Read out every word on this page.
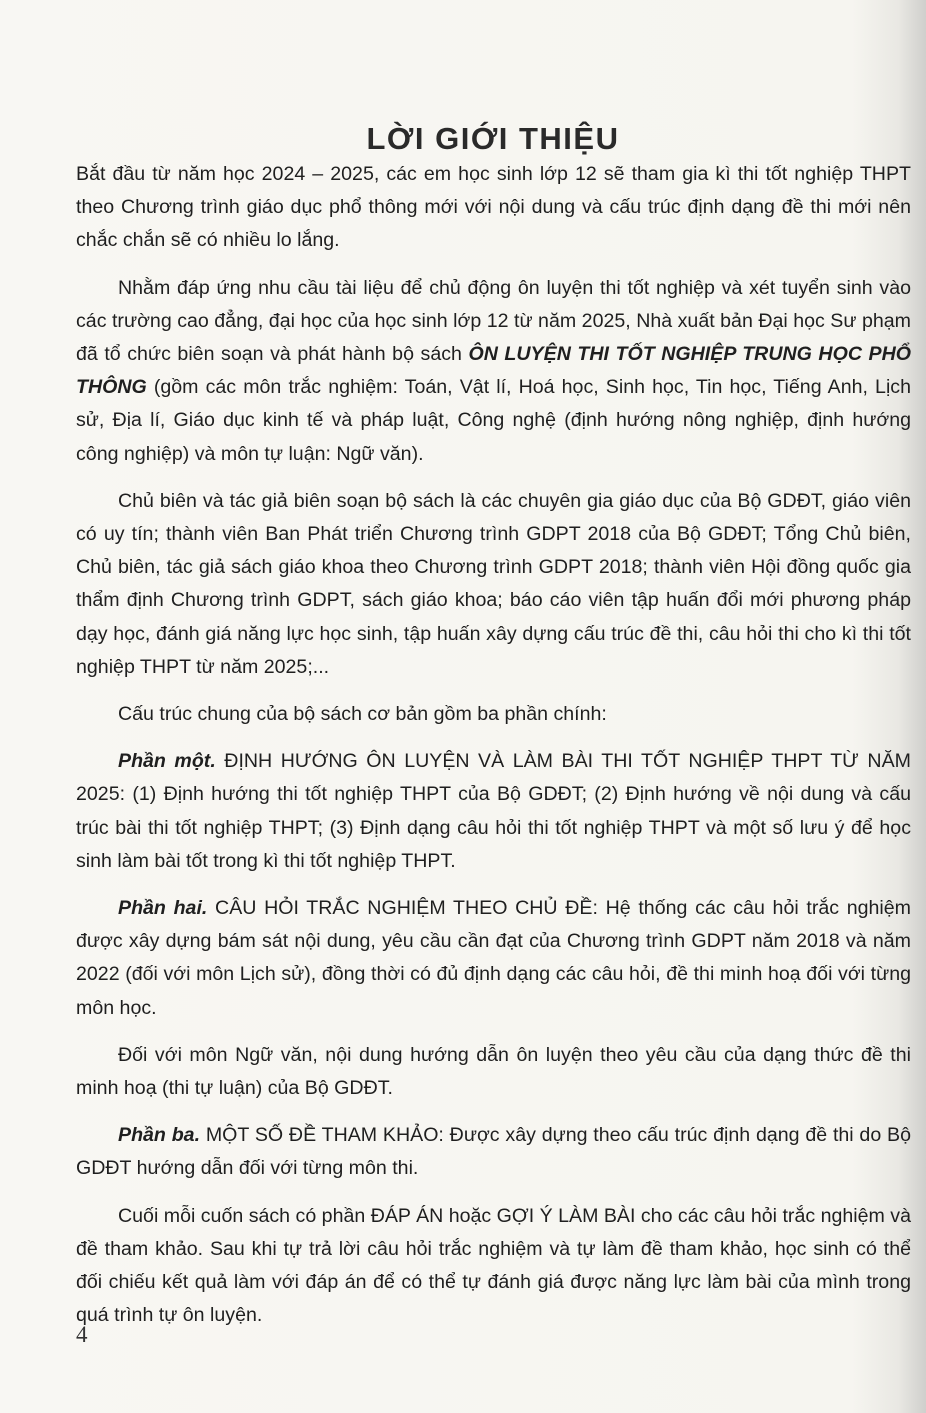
LỜI GIỚI THIỆU

Bắt đầu từ năm học 2024 – 2025, các em học sinh lớp 12 sẽ tham gia kì thi tốt nghiệp THPT theo Chương trình giáo dục phổ thông mới với nội dung và cấu trúc định dạng đề thi mới nên chắc chắn sẽ có nhiều lo lắng.

Nhằm đáp ứng nhu cầu tài liệu để chủ động ôn luyện thi tốt nghiệp và xét tuyển sinh vào các trường cao đẳng, đại học của học sinh lớp 12 từ năm 2025, Nhà xuất bản Đại học Sư phạm đã tổ chức biên soạn và phát hành bộ sách ÔN LUYỆN THI TỐT NGHIỆP TRUNG HỌC PHỔ THÔNG (gồm các môn trắc nghiệm: Toán, Vật lí, Hoá học, Sinh học, Tin học, Tiếng Anh, Lịch sử, Địa lí, Giáo dục kinh tế và pháp luật, Công nghệ (định hướng nông nghiệp, định hướng công nghiệp) và môn tự luận: Ngữ văn).

Chủ biên và tác giả biên soạn bộ sách là các chuyên gia giáo dục của Bộ GDĐT, giáo viên có uy tín; thành viên Ban Phát triển Chương trình GDPT 2018 của Bộ GDĐT; Tổng Chủ biên, Chủ biên, tác giả sách giáo khoa theo Chương trình GDPT 2018; thành viên Hội đồng quốc gia thẩm định Chương trình GDPT, sách giáo khoa; báo cáo viên tập huấn đổi mới phương pháp dạy học, đánh giá năng lực học sinh, tập huấn xây dựng cấu trúc đề thi, câu hỏi thi cho kì thi tốt nghiệp THPT từ năm 2025;...

Cấu trúc chung của bộ sách cơ bản gồm ba phần chính:

Phần một. ĐỊNH HƯỚNG ÔN LUYỆN VÀ LÀM BÀI THI TỐT NGHIỆP THPT TỪ NĂM 2025: (1) Định hướng thi tốt nghiệp THPT của Bộ GDĐT; (2) Định hướng về nội dung và cấu trúc bài thi tốt nghiệp THPT; (3) Định dạng câu hỏi thi tốt nghiệp THPT và một số lưu ý để học sinh làm bài tốt trong kì thi tốt nghiệp THPT.

Phần hai. CÂU HỎI TRẮC NGHIỆM THEO CHỦ ĐỀ: Hệ thống các câu hỏi trắc nghiệm được xây dựng bám sát nội dung, yêu cầu cần đạt của Chương trình GDPT năm 2018 và năm 2022 (đối với môn Lịch sử), đồng thời có đủ định dạng các câu hỏi, đề thi minh hoạ đối với từng môn học.

Đối với môn Ngữ văn, nội dung hướng dẫn ôn luyện theo yêu cầu của dạng thức đề thi minh hoạ (thi tự luận) của Bộ GDĐT.

Phần ba. MỘT SỐ ĐỀ THAM KHẢO: Được xây dựng theo cấu trúc định dạng đề thi do Bộ GDĐT hướng dẫn đối với từng môn thi.

Cuối mỗi cuốn sách có phần ĐÁP ÁN hoặc GỢI Ý LÀM BÀI cho các câu hỏi trắc nghiệm và đề tham khảo. Sau khi tự trả lời câu hỏi trắc nghiệm và tự làm đề tham khảo, học sinh có thể đối chiếu kết quả làm với đáp án để có thể tự đánh giá được năng lực làm bài của mình trong quá trình tự ôn luyện.

4
